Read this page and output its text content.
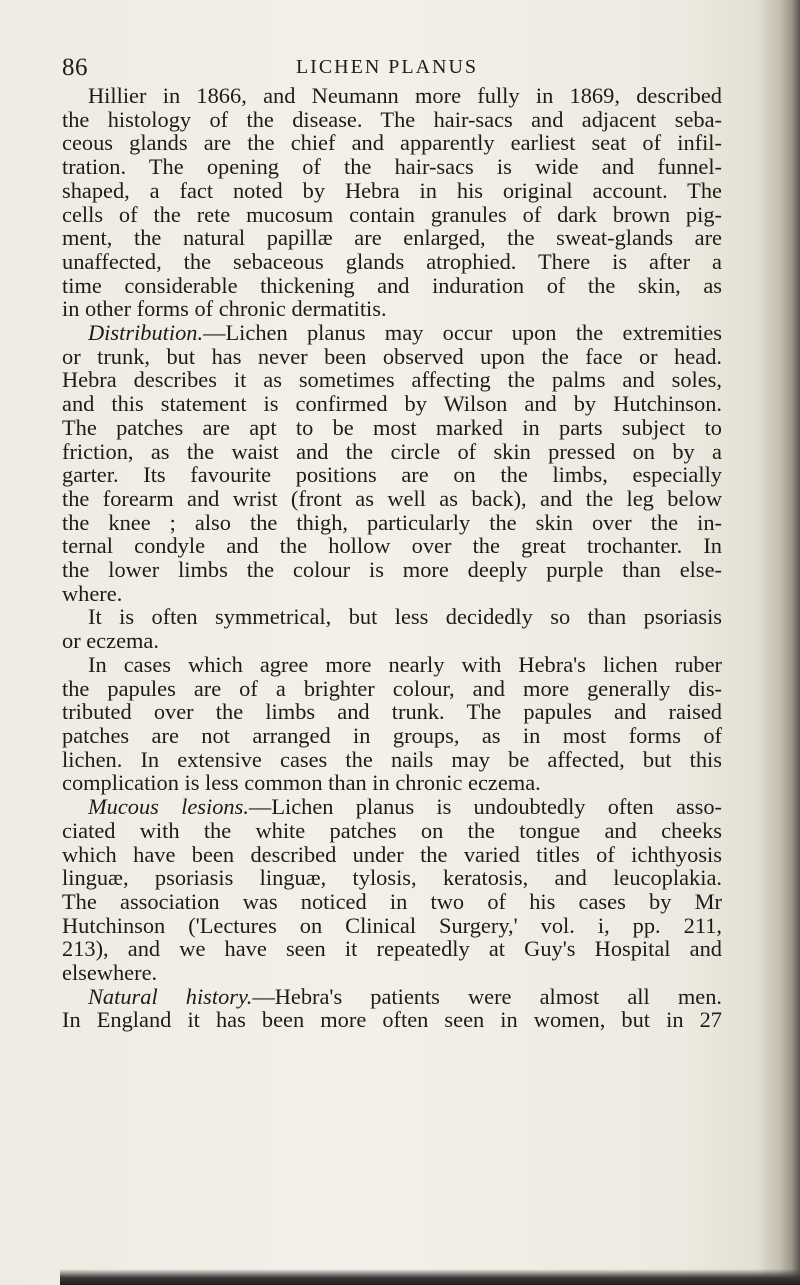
86	LICHEN PLANUS
Hillier in 1866, and Neumann more fully in 1869, described
the histology of the disease. The hair-sacs and adjacent seba-
ceous glands are the chief and apparently earliest seat of infil-
tration. The opening of the hair-sacs is wide and funnel-
shaped, a fact noted by Hebra in his original account. The
cells of the rete mucosum contain granules of dark brown pig-
ment, the natural papillæ are enlarged, the sweat-glands are
unaffected, the sebaceous glands atrophied. There is after a
time considerable thickening and induration of the skin, as
in other forms of chronic dermatitis.
Distribution.—Lichen planus may occur upon the extremities
or trunk, but has never been observed upon the face or head.
Hebra describes it as sometimes affecting the palms and soles,
and this statement is confirmed by Wilson and by Hutchinson.
The patches are apt to be most marked in parts subject to
friction, as the waist and the circle of skin pressed on by a
garter. Its favourite positions are on the limbs, especially
the forearm and wrist (front as well as back), and the leg below
the knee ; also the thigh, particularly the skin over the in-
ternal condyle and the hollow over the great trochanter. In
the lower limbs the colour is more deeply purple than else-
where.
It is often symmetrical, but less decidedly so than psoriasis
or eczema.
In cases which agree more nearly with Hebra's lichen ruber
the papules are of a brighter colour, and more generally dis-
tributed over the limbs and trunk. The papules and raised
patches are not arranged in groups, as in most forms of
lichen. In extensive cases the nails may be affected, but this
complication is less common than in chronic eczema.
Mucous lesions.—Lichen planus is undoubtedly often asso-
ciated with the white patches on the tongue and cheeks
which have been described under the varied titles of ichthyosis
linguæ, psoriasis linguæ, tylosis, keratosis, and leucoplakia.
The association was noticed in two of his cases by Mr
Hutchinson ('Lectures on Clinical Surgery,' vol. i, pp. 211,
213), and we have seen it repeatedly at Guy's Hospital and
elsewhere.
Natural history.—Hebra's patients were almost all men.
In England it has been more often seen in women, but in 27
